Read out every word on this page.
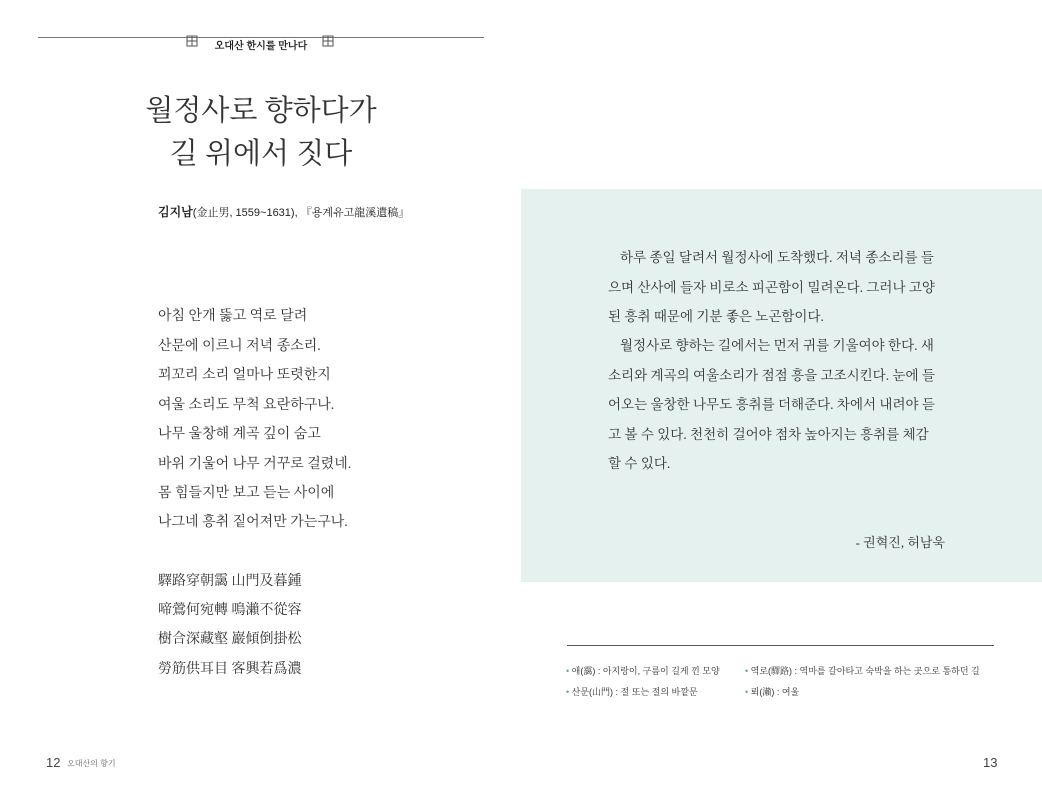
오대산 한시를 만나다
월정사로 향하다가
길 위에서 짓다
김지남(金止男, 1559~1631), 『용계유고龍溪遺稿』
아침 안개 뚫고 역로 달려
산문에 이르니 저녁 종소리.
꾀꼬리 소리 얼마나 또렷한지
여울 소리도 무척 요란하구나.
나무 울창해 계곡 깊이 숨고
바위 기울어 나무 거꾸로 걸렸네.
몸 힘들지만 보고 듣는 사이에
나그네 흥취 짙어져만 가는구나.
驛路穿朝靄 山門及暮鍾
啼鶯何宛轉 鳴瀨不從容
樹合深藏壑 巖傾倒掛松
勞筋供耳目 客興若爲濃
하루 종일 달려서 월정사에 도착했다. 저녁 종소리를 들
으며 산사에 들자 비로소 피곤함이 밀려온다. 그러나 고양
된 흥취 때문에 기분 좋은 노곤함이다.
월정사로 향하는 길에서는 먼저 귀를 기울여야 한다. 새
소리와 계곡의 여울소리가 점점 흥을 고조시킨다. 눈에 들
어오는 울창한 나무도 흥취를 더해준다. 차에서 내려야 듣
고 볼 수 있다. 천천히 걸어야 점차 높아지는 흥취를 체감
할 수 있다.
- 권혁진, 허남욱
• 애(靄) : 아지랑이, 구름이 길게 낀 모양	• 역로(驛路) : 역마를 갈아타고 숙박을 하는 곳으로 통하던 길
• 산문(山門) : 절 또는 절의 바깥문	• 뢰(瀨) : 여울
12 오대산의 향기	13
